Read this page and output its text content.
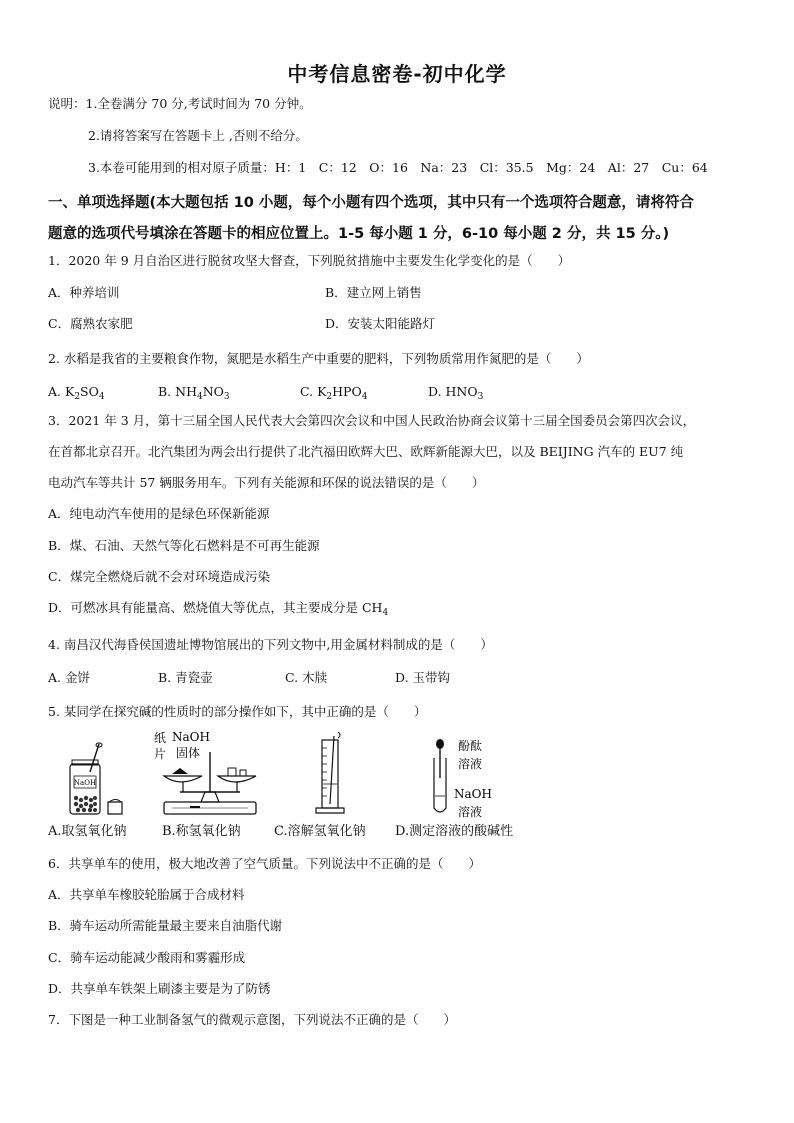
中考信息密卷-初中化学
说明：1.全卷满分 70 分,考试时间为 70 分钟。
2.请将答案写在答题卡上 ,否则不给分。
3.本卷可能用到的相对原子质量：H：1　C：12　O：16　Na：23　Cl：35.5　Mg：24　Al：27　Cu：64
一、单项选择题(本大题包括 10 小题，每个小题有四个选项，其中只有一个选项符合题意，请将符合
题意的选项代号填涂在答题卡的相应位置上。1-5 每小题 1 分，6-10 每小题 2 分，共 15 分。)
1．2020 年 9 月自治区进行脱贫攻坚大督查，下列脱贫措施中主要发生化学变化的是（　　）
A．种养培训	B．建立网上销售
C．腐熟农家肥	D．安装太阳能路灯
2. 水稻是我省的主要粮食作物，氮肥是水稻生产中重要的肥料，下列物质常用作氮肥的是（　　）
A. $K_2SO_4$	B. $NH_4NO_3$	C. $K_2HPO_4$	D. $HNO_3$
3．2021 年 3 月，第十三届全国人民代表大会第四次会议和中国人民政治协商会议第十三届全国委员会第四次会议，
在首都北京召开。北汽集团为两会出行提供了北汽福田欧辉大巴、欧辉新能源大巴，以及 BEIJING 汽车的 EU7 纯
电动汽车等共计 57 辆服务用车。下列有关能源和环保的说法错误的是（　　）
A．纯电动汽车使用的是绿色环保新能源
B．煤、石油、天然气等化石燃料是不可再生能源
C．煤完全燃烧后就不会对环境造成污染
D．可燃冰具有能量高、燃烧值大等优点，其主要成分是 $CH_4$
4. 南昌汉代海昏侯国遗址博物馆展出的下列文物中,用金属材料制成的是（　　）
A. 金饼	B. 青瓷壶	C. 木牍	D. 玉带钩
5. 某同学在探究碱的性质时的部分操作如下，其中正确的是（　　）
NaOH
纸
片
NaOH
固体	酚酞
溶液
NaOH
溶液
A.取氢氧化钠	B.称氢氧化钠	C.溶解氢氧化钠 D.测定溶液的酸碱性
6．共享单车的使用，极大地改善了空气质量。下列说法中不正确的是（　　）
A．共享单车橡胶轮胎属于合成材料
B．骑车运动所需能量最主要来自油脂代谢
C．骑车运动能减少酸雨和雾霾形成
D．共享单车铁架上刷漆主要是为了防锈
7．下图是一种工业制备氢气的微观示意图，下列说法不正确的是（　　）
